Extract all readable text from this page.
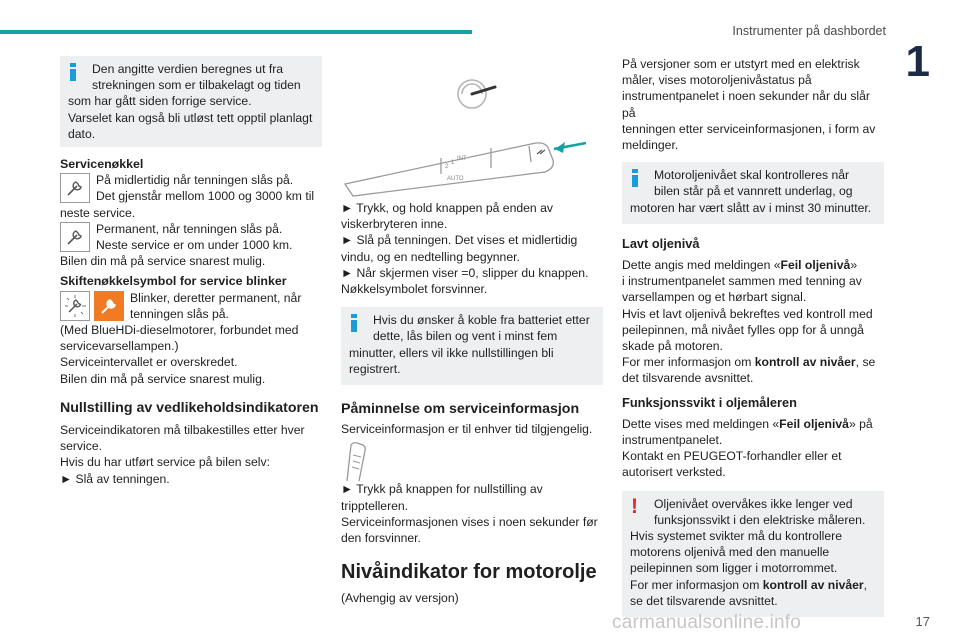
Instrumenter på dashbordet
1

Den angitte verdien beregnes ut fra

strekningen som er tilbakelagt og tiden

som har gått siden forrige service.

Varselet kan også bli utløst tett opptil planlagt

dato.

Servicenøkkel

På midlertidig når tenningen slås på.

Det gjenstår mellom 1000 og 3000 km til

neste service.

Permanent, når tenningen slås på.

Neste service er om under 1000 km.

Bilen din må på service snarest mulig.

Skiftenøkkelsymbol for service blinker

Blinker, deretter permanent, når

tenningen slås på.

(Med BlueHDi-dieselmotorer, forbundet med

servicevarsellampen.)

Serviceintervallet er overskredet.

Bilen din må på service snarest mulig.

Nullstilling av vedlikeholdsindikatoren

Serviceindikatoren må tilbakestilles etter hver

service.

Hvis du har utført service på bilen selv:

► Slå av tenningen.

2
1
INT
AUTO

► Trykk, og hold knappen på enden av

viskerbryteren inne.

► Slå på tenningen. Det vises et midlertidig

vindu, og en nedtelling begynner.

► Når skjermen viser =0, slipper du knappen.

Nøkkelsymbolet forsvinner.

Hvis du ønsker å koble fra batteriet etter

dette, lås bilen og vent i minst fem

minutter, ellers vil ikke nullstillingen bli

registrert.

Påminnelse om serviceinformasjon

Serviceinformasjon er til enhver tid tilgjengelig.

► Trykk på knappen for nullstilling av

tripptelleren.

Serviceinformasjonen vises i noen sekunder før

den forsvinner.

Nivåindikator for motorolje

(Avhengig av versjon)

På versjoner som er utstyrt med en elektrisk

måler, vises motoroljenivåstatus på

instrumentpanelet i noen sekunder når du slår på

tenningen etter serviceinformasjonen, i form av

meldinger.

Motoroljenivået skal kontrolleres når

bilen står på et vannrett underlag, og

motoren har vært slått av i minst 30 minutter.

Lavt oljenivå

Dette angis med meldingen «Feil oljenivå»

i instrumentpanelet sammen med tenning av

varsellampen og et hørbart signal.

Hvis et lavt oljenivå bekreftes ved kontroll med

peilepinnen, må nivået fylles opp for å unngå

skade på motoren.

For mer informasjon om kontroll av nivåer, se

det tilsvarende avsnittet.

Funksjonssvikt i oljemåleren

Dette vises med meldingen «Feil oljenivå» på

instrumentpanelet.

Kontakt en PEUGEOT-forhandler eller et

autorisert verksted.

!	Oljenivået overvåkes ikke lenger ved

funksjonssvikt i den elektriske måleren.

Hvis systemet svikter må du kontrollere

motorens oljenivå med den manuelle

peilepinnen som ligger i motorrommet.

For mer informasjon om kontroll av nivåer,

se det tilsvarende avsnittet.

carmanualsonline.info	17
